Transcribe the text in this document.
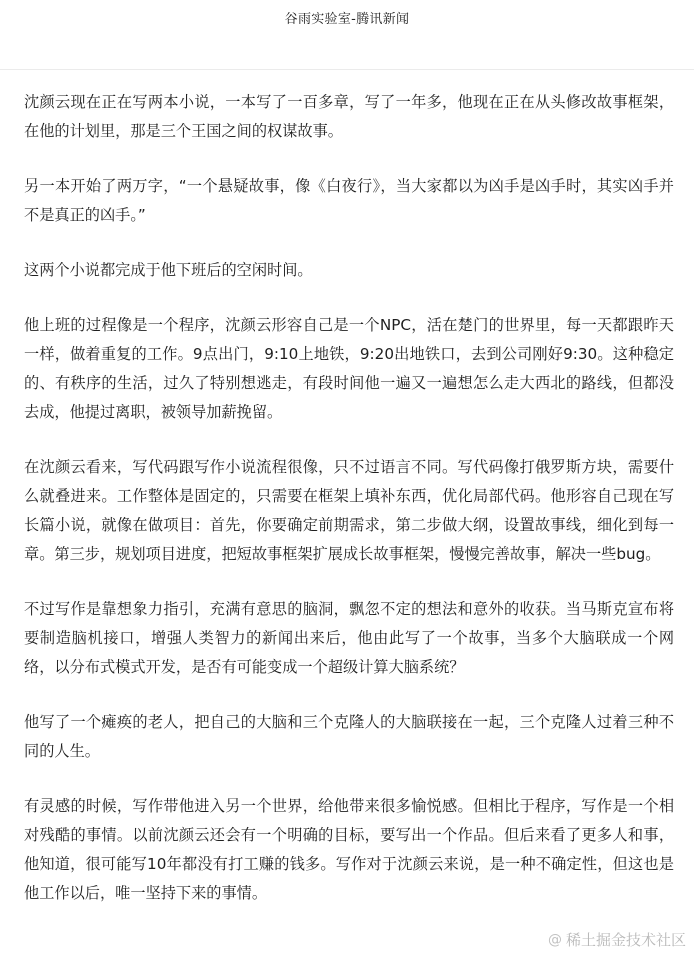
谷雨实验室-腾讯新闻

沈颜云现在正在写两本小说，一本写了一百多章，写了一年多，他现在正在从头修改故事框架，在他的计划里，那是三个王国之间的权谋故事。

另一本开始了两万字，“一个悬疑故事，像《白夜行》，当大家都以为凶手是凶手时，其实凶手并不是真正的凶手。”

这两个小说都完成于他下班后的空闲时间。

他上班的过程像是一个程序，沈颜云形容自己是一个NPC，活在楚门的世界里，每一天都跟昨天一样，做着重复的工作。9点出门，9:10上地铁，9:20出地铁口，去到公司刚好9:30。这种稳定的、有秩序的生活，过久了特别想逃走，有段时间他一遍又一遍想怎么走大西北的路线，但都没去成，他提过离职，被领导加薪挽留。

在沈颜云看来，写代码跟写作小说流程很像，只不过语言不同。写代码像打俄罗斯方块，需要什么就叠进来。工作整体是固定的，只需要在框架上填补东西，优化局部代码。他形容自己现在写长篇小说，就像在做项目：首先，你要确定前期需求，第二步做大纲，设置故事线，细化到每一章。第三步，规划项目进度，把短故事框架扩展成长故事框架，慢慢完善故事，解决一些bug。

不过写作是靠想象力指引，充满有意思的脑洞，飘忽不定的想法和意外的收获。当马斯克宣布将要制造脑机接口，增强人类智力的新闻出来后，他由此写了一个故事，当多个大脑联成一个网络，以分布式模式开发，是否有可能变成一个超级计算大脑系统？

他写了一个瘫痪的老人，把自己的大脑和三个克隆人的大脑联接在一起，三个克隆人过着三种不同的人生。

有灵感的时候，写作带他进入另一个世界，给他带来很多愉悦感。但相比于程序，写作是一个相对残酷的事情。以前沈颜云还会有一个明确的目标，要写出一个作品。但后来看了更多人和事，他知道，很可能写10年都没有打工赚的钱多。写作对于沈颜云来说，是一种不确定性，但这也是他工作以后，唯一坚持下来的事情。

@ 稀土掘金技术社区
